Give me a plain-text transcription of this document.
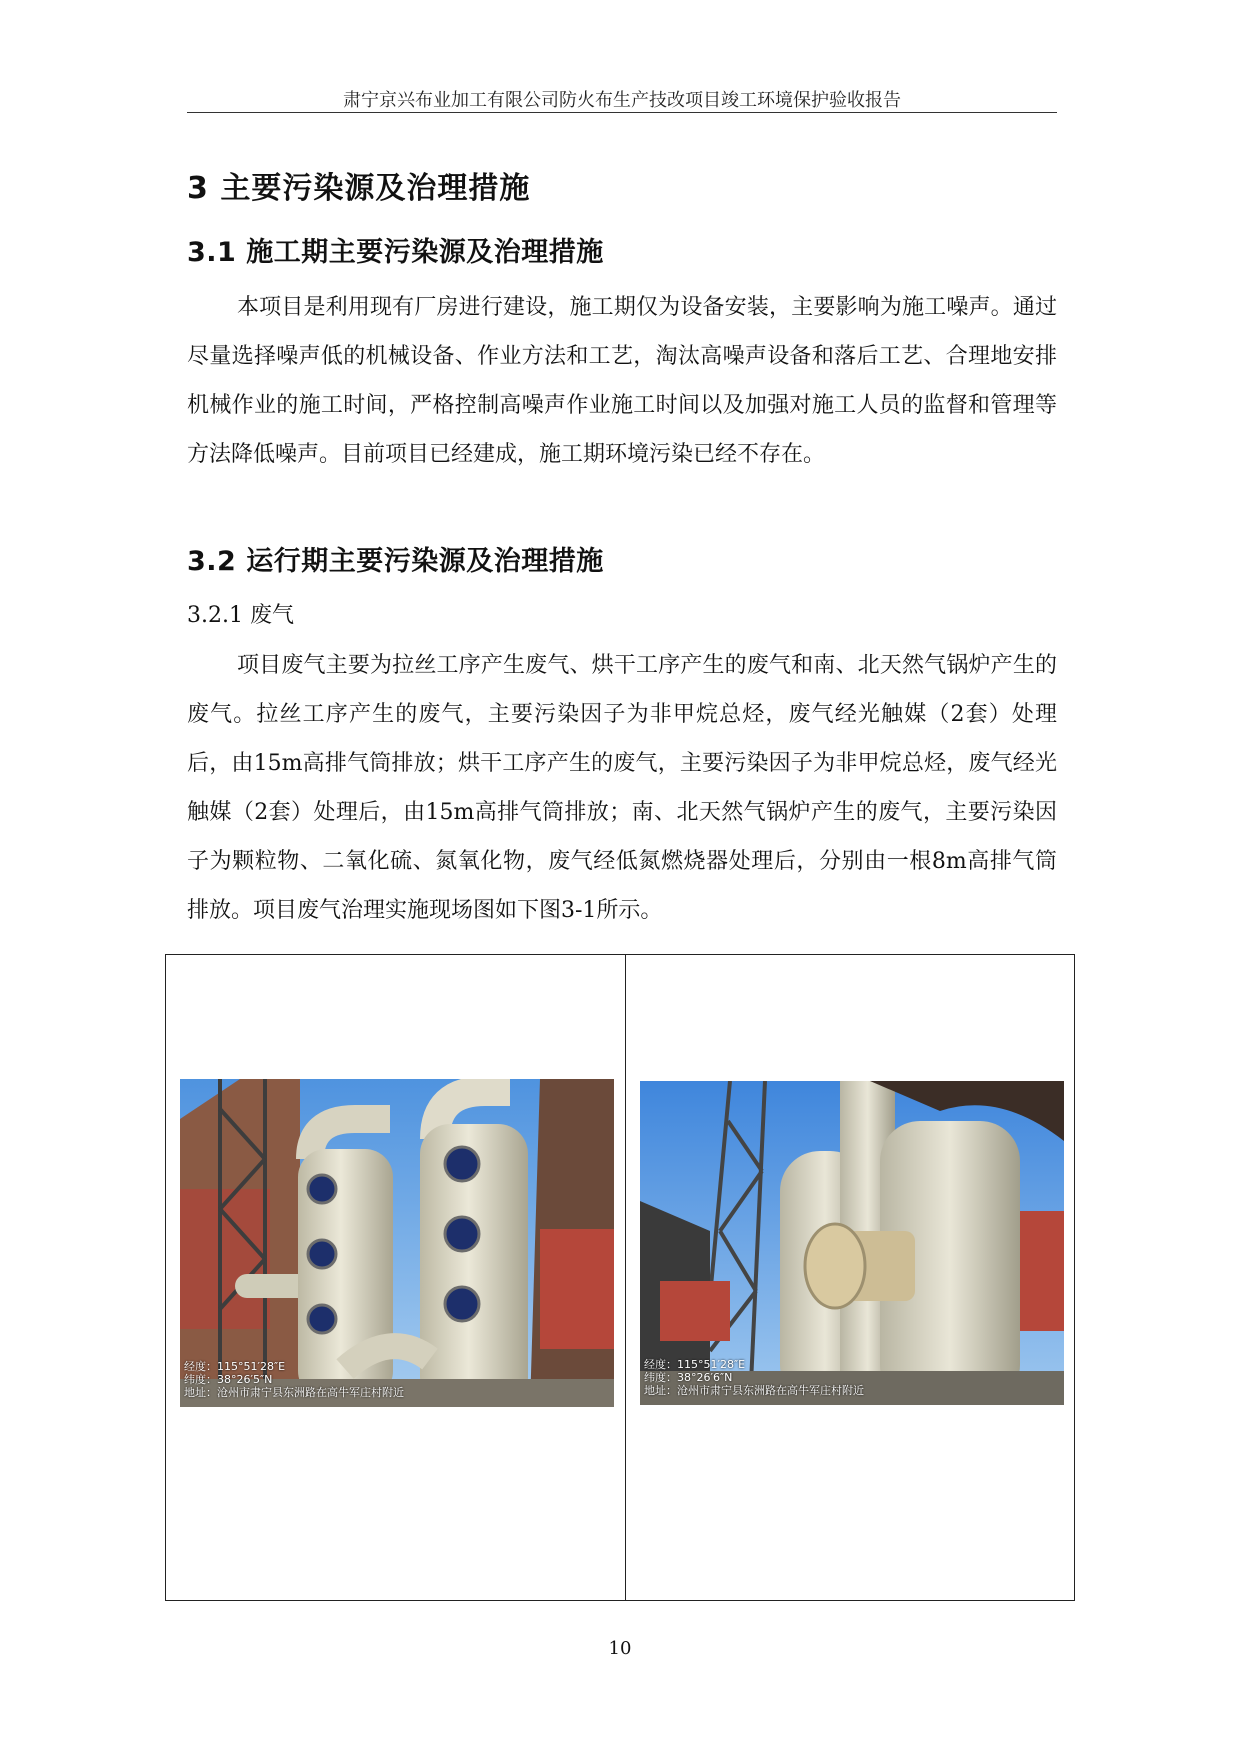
肃宁京兴布业加工有限公司防火布生产技改项目竣工环境保护验收报告
3 主要污染源及治理措施
3.1 施工期主要污染源及治理措施

本项目是利用现有厂房进行建设，施工期仅为设备安装，主要影响为施工噪声。通过尽量选择噪声低的机械设备、作业方法和工艺，淘汰高噪声设备和落后工艺、合理地安排机械作业的施工时间，严格控制高噪声作业施工时间以及加强对施工人员的监督和管理等方法降低噪声。目前项目已经建成，施工期环境污染已经不存在。

3.2 运行期主要污染源及治理措施
3.2.1 废气

项目废气主要为拉丝工序产生废气、烘干工序产生的废气和南、北天然气锅炉产生的废气。拉丝工序产生的废气，主要污染因子为非甲烷总烃，废气经光触媒（2套）处理后，由15m高排气筒排放；烘干工序产生的废气，主要污染因子为非甲烷总烃，废气经光触媒（2套）处理后，由15m高排气筒排放；南、北天然气锅炉产生的废气，主要污染因子为颗粒物、二氧化硫、氮氧化物，废气经低氮燃烧器处理后，分别由一根8m高排气筒排放。项目废气治理实施现场图如下图3-1所示。

经度：115°51′28″E
纬度：38°26′5″N
地址：沧州市肃宁县东洲路在高牛军庄村附近
经度：115°51′28″E
纬度：38°26′6″N
地址：沧州市肃宁县东洲路在高牛军庄村附近
10
